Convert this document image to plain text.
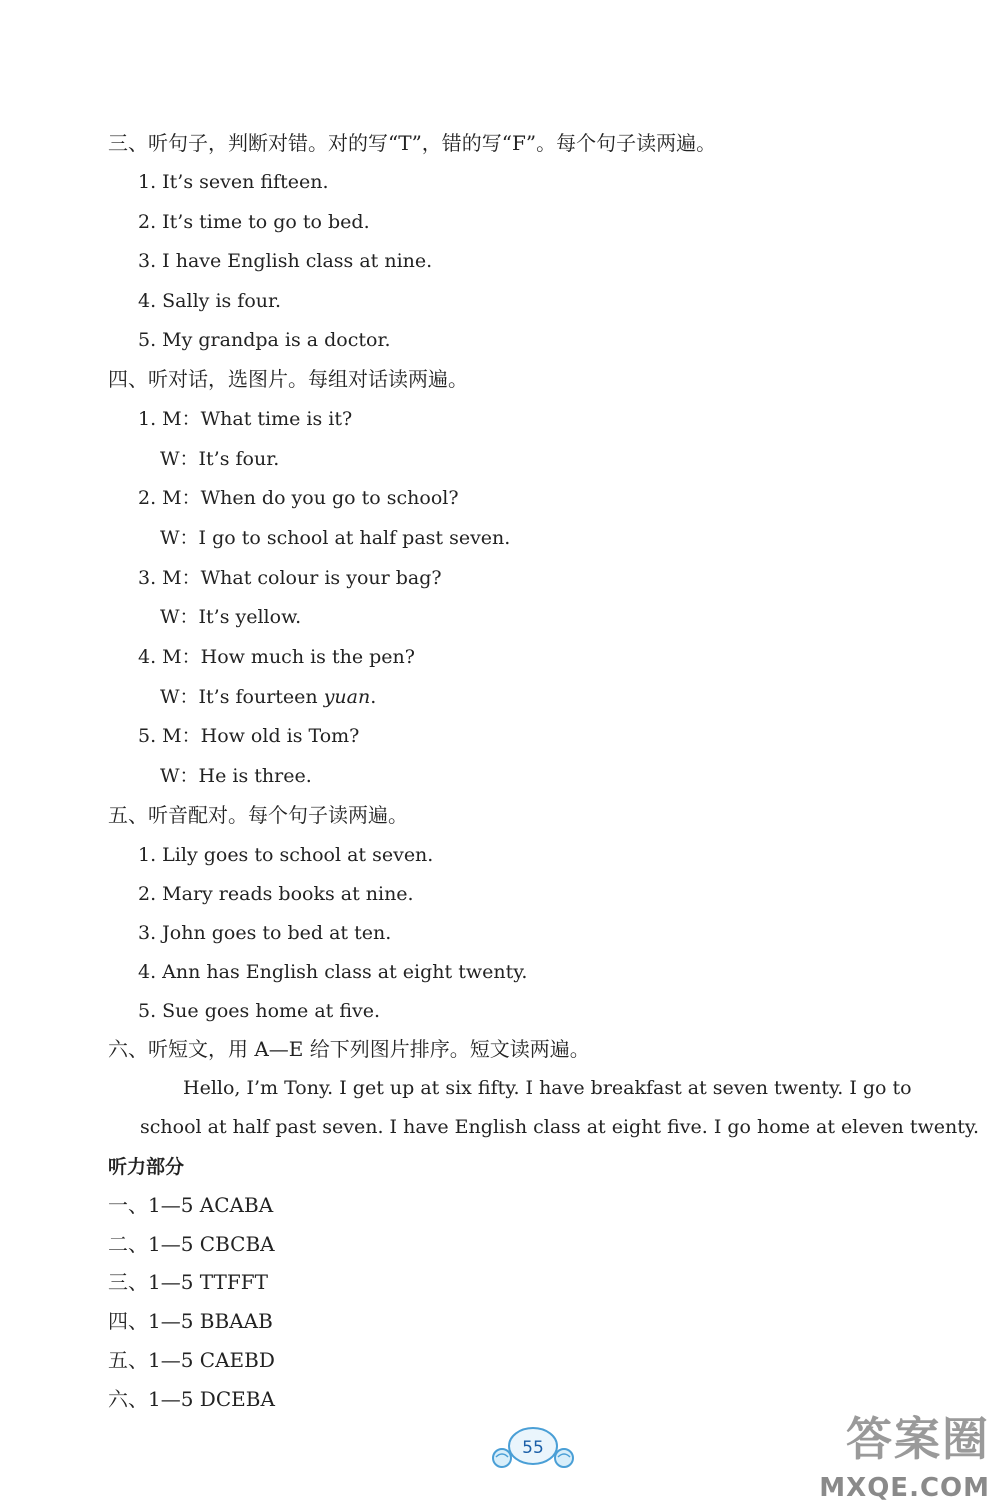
三、听句子，判断对错。对的写“T”，错的写“F”。每个句子读两遍。
1. It’s seven fifteen.
2. It’s time to go to bed.
3. I have English class at nine.
4. Sally is four.
5. My grandpa is a doctor.
四、听对话，选图片。每组对话读两遍。
1. M：What time is it?
W：It’s four.
2. M：When do you go to school?
W：I go to school at half past seven.
3. M：What colour is your bag?
W：It’s yellow.
4. M：How much is the pen?
W：It’s fourteen yuan.
5. M：How old is Tom?
W：He is three.
五、听音配对。每个句子读两遍。
1. Lily goes to school at seven.
2. Mary reads books at nine.
3. John goes to bed at ten.
4. Ann has English class at eight twenty.
5. Sue goes home at five.
六、听短文，用 A—E 给下列图片排序。短文读两遍。
Hello, I’m Tony. I get up at six fifty. I have breakfast at seven twenty. I go to
school at half past seven. I have English class at eight five. I go home at eleven twenty.
听力部分
一、1—5 ACABA
二、1—5 CBCBA
三、1—5 TTFFT
四、1—5 BBAAB
五、1—5 CAEBD
六、1—5 DCEBA
55	答案圈
MXQE.COM
